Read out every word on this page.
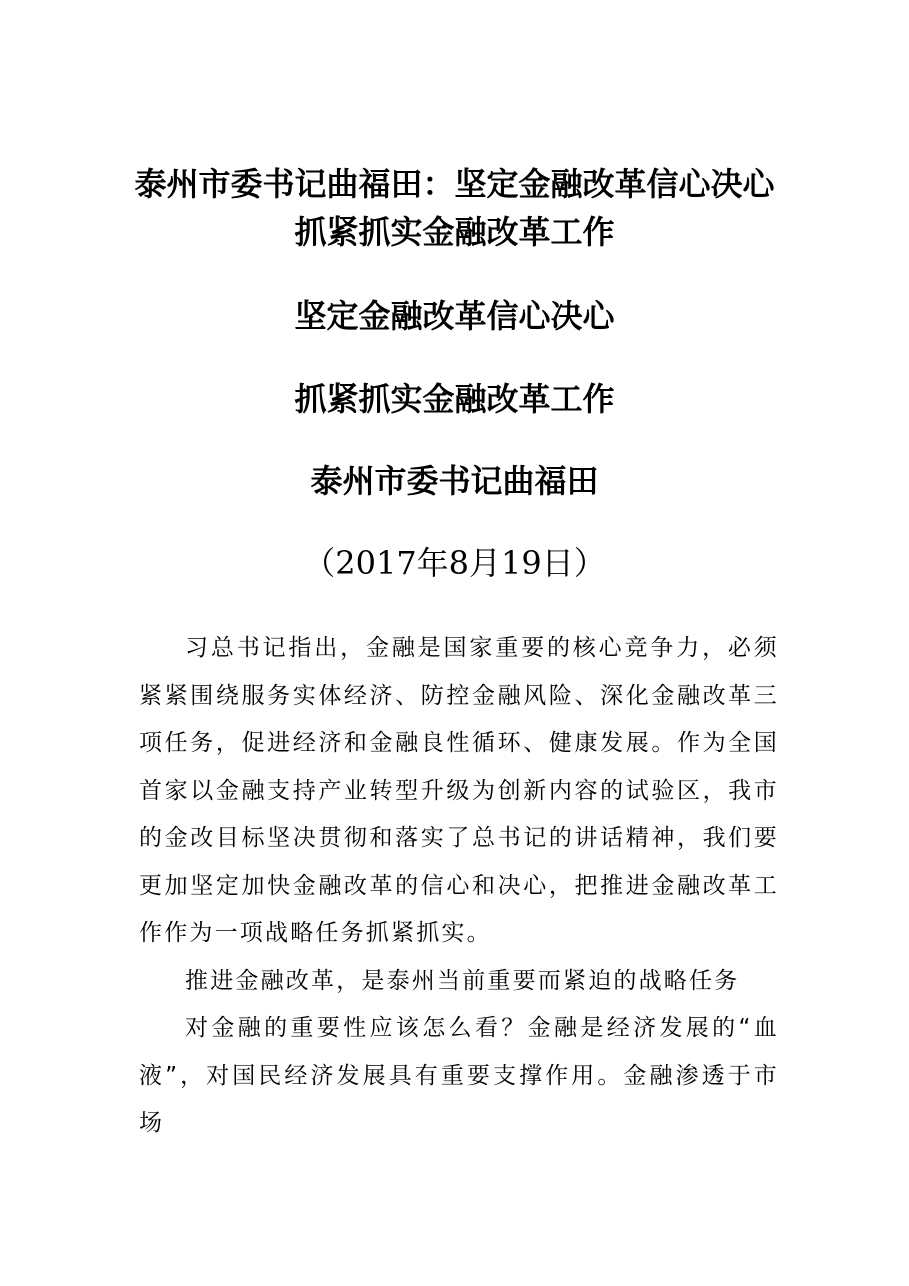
泰州市委书记曲福田：坚定金融改革信心决心
抓紧抓实金融改革工作
坚定金融改革信心决心
抓紧抓实金融改革工作
泰州市委书记曲福田
（2017年8月19日）

习总书记指出，金融是国家重要的核心竞争力，必须紧紧围绕服务实体经济、防控金融风险、深化金融改革三项任务，促进经济和金融良性循环、健康发展。作为全国首家以金融支持产业转型升级为创新内容的试验区，我市的金改目标坚决贯彻和落实了总书记的讲话精神，我们要更加坚定加快金融改革的信心和决心，把推进金融改革工作作为一项战略任务抓紧抓实。

推进金融改革，是泰州当前重要而紧迫的战略任务

对金融的重要性应该怎么看？金融是经济发展的“血液”，对国民经济发展具有重要支撑作用。金融渗透于市场
